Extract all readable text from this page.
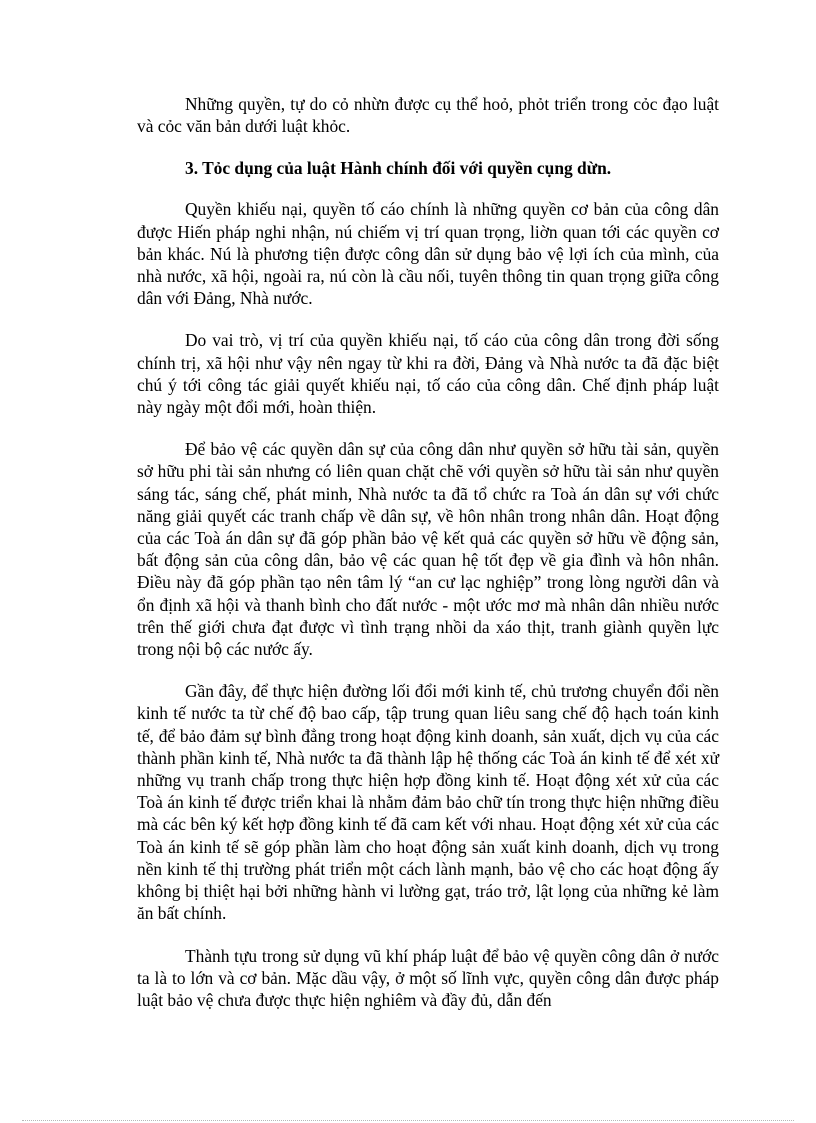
Những quyền, tự do cỏ nhừn được cụ thể hoỏ, phỏt triển trong cỏc đạo luật và cỏc văn bản dưới luật khỏc.

3. Tỏc dụng của luật Hành chính đối với quyền cụng dừn.

Quyền khiếu nại, quyền tố cáo chính là những quyền cơ bản của công dân được Hiến pháp nghi nhận, nú chiếm vị trí quan trọng, liờn quan tới các quyền cơ bản khác. Nú là phương tiện được công dân sử dụng bảo vệ lợi ích của mình, của nhà nước, xã hội, ngoài ra, nú còn là cầu nối, tuyên thông tin quan trọng giữa công dân với Đảng, Nhà nước.

Do vai trò, vị trí của quyền khiếu nại, tố cáo của công dân trong đời sống chính trị, xã hội như vậy nên ngay từ khi ra đời, Đảng và Nhà nước ta đã đặc biệt chú ý tới công tác giải quyết khiếu nại, tố cáo của công dân. Chế định pháp luật này ngày một đổi mới, hoàn thiện.

Để bảo vệ các quyền dân sự của công dân như quyền sở hữu tài sản, quyền sở hữu phi tài sản nhưng có liên quan chặt chẽ với quyền sở hữu tài sản như quyền sáng tác, sáng chế, phát minh, Nhà nước ta đã tổ chức ra Toà án dân sự với chức năng giải quyết các tranh chấp về dân sự, về hôn nhân trong nhân dân. Hoạt động của các Toà án dân sự đã góp phần bảo vệ kết quả các quyền sở hữu về động sản, bất động sản của công dân, bảo vệ các quan hệ tốt đẹp về gia đình và hôn nhân. Điều này đã góp phần tạo nên tâm lý “an cư lạc nghiệp” trong lòng người dân và ổn định xã hội và thanh bình cho đất nước - một ước mơ mà nhân dân nhiều nước trên thế giới chưa đạt được vì tình trạng nhồi da xáo thịt, tranh giành quyền lực trong nội bộ các nước ấy.

Gần đây, để thực hiện đường lối đổi mới kinh tế, chủ trương chuyển đổi nền kinh tế nước ta từ chế độ bao cấp, tập trung quan liêu sang chế độ hạch toán kinh tế, để bảo đảm sự bình đẳng trong hoạt động kinh doanh, sản xuất, dịch vụ của các thành phần kinh tế, Nhà nước ta đã thành lập hệ thống các Toà án kinh tế để xét xử những vụ tranh chấp trong thực hiện hợp đồng kinh tế. Hoạt động xét xử của các Toà án kinh tế được triển khai là nhằm đảm bảo chữ tín trong thực hiện những điều mà các bên ký kết hợp đồng kinh tế đã cam kết với nhau. Hoạt động xét xử của các Toà án kinh tế sẽ góp phần làm cho hoạt động sản xuất kinh doanh, dịch vụ trong nền kinh tế thị trường phát triển một cách lành mạnh, bảo vệ cho các hoạt động ấy không bị thiệt hại bởi những hành vi lường gạt, tráo trở, lật lọng của những kẻ làm ăn bất chính.

Thành tựu trong sử dụng vũ khí pháp luật để bảo vệ quyền công dân ở nước ta là to lớn và cơ bản. Mặc dầu vậy, ở một số lĩnh vực, quyền công dân được pháp luật bảo vệ chưa được thực hiện nghiêm và đầy đủ, dẫn đến
